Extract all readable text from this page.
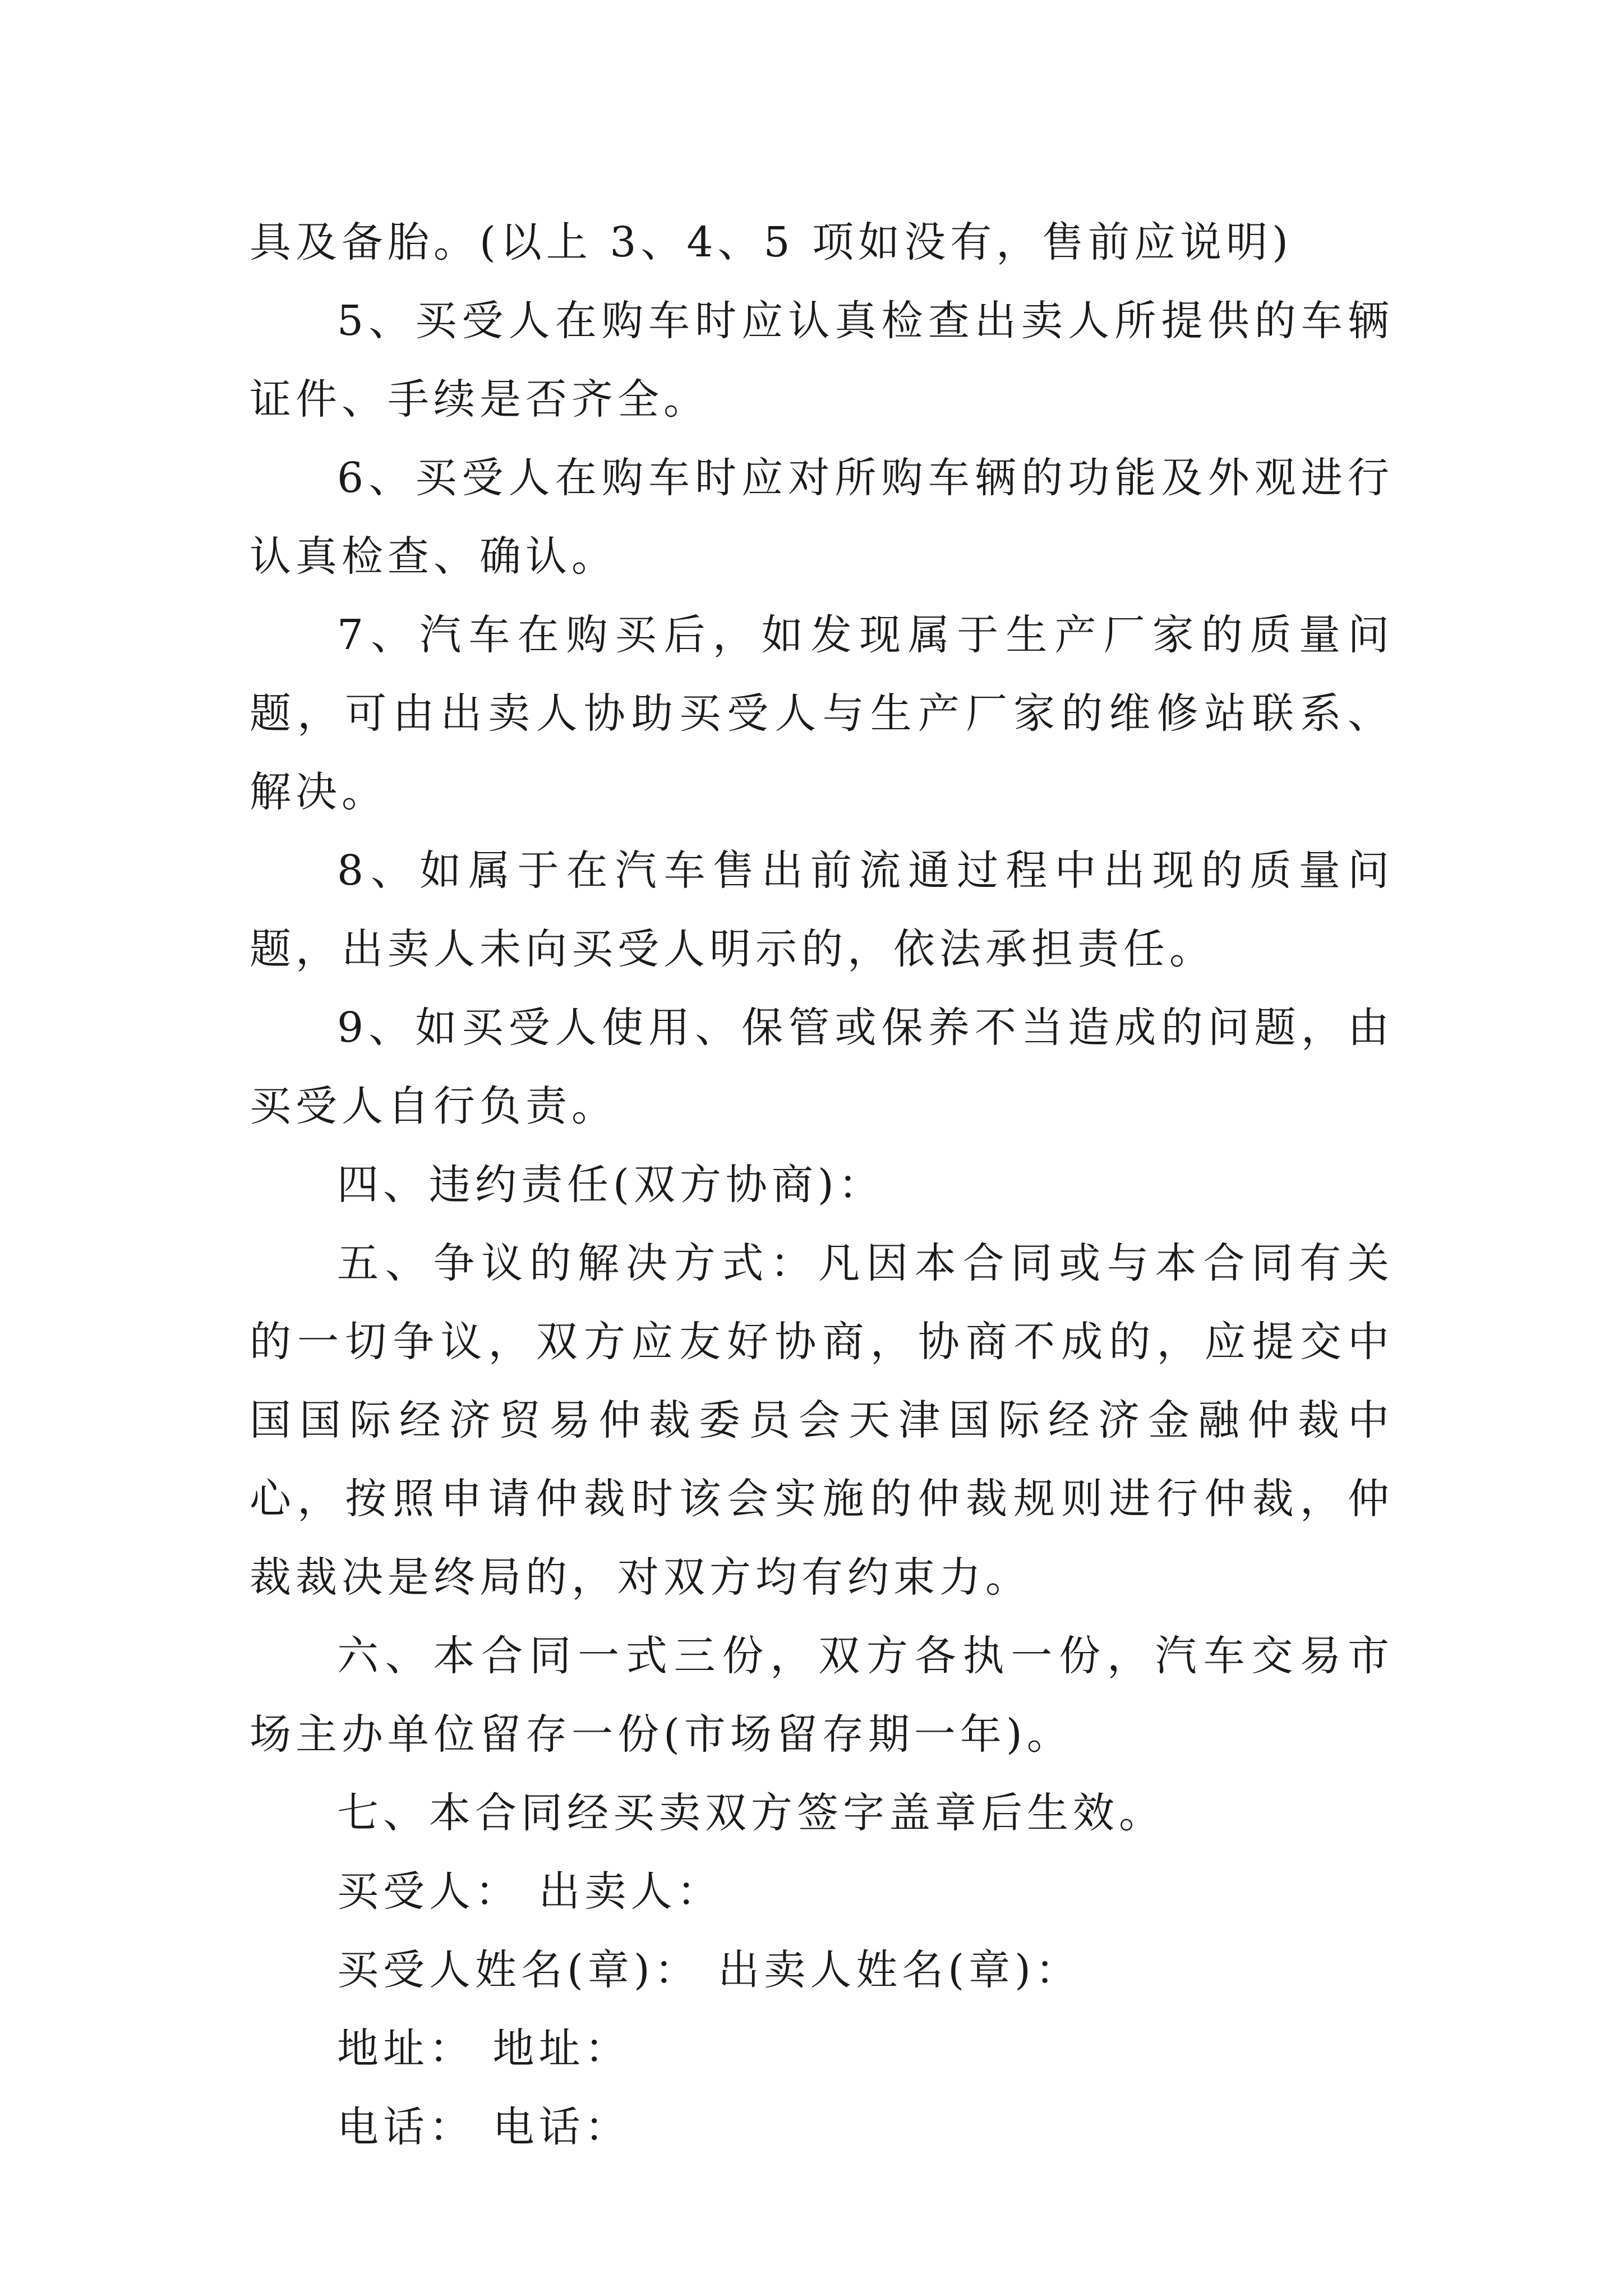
具及备胎。(以上 3、4、5 项如没有，售前应说明)

5、买受人在购车时应认真检查出卖人所提供的车辆证件、手续是否齐全。

6、买受人在购车时应对所购车辆的功能及外观进行认真检查、确认。

7、汽车在购买后，如发现属于生产厂家的质量问题，可由出卖人协助买受人与生产厂家的维修站联系、解决。

8、如属于在汽车售出前流通过程中出现的质量问题，出卖人未向买受人明示的，依法承担责任。

9、如买受人使用、保管或保养不当造成的问题，由买受人自行负责。

四、违约责任(双方协商)：

五、争议的解决方式：凡因本合同或与本合同有关的一切争议，双方应友好协商，协商不成的，应提交中国国际经济贸易仲裁委员会天津国际经济金融仲裁中心，按照申请仲裁时该会实施的仲裁规则进行仲裁，仲裁裁决是终局的，对双方均有约束力。

六、本合同一式三份，双方各执一份，汽车交易市场主办单位留存一份(市场留存期一年)。

七、本合同经买卖双方签字盖章后生效。

买受人： 出卖人：

买受人姓名(章)： 出卖人姓名(章)：

地址： 地址：

电话： 电话：
